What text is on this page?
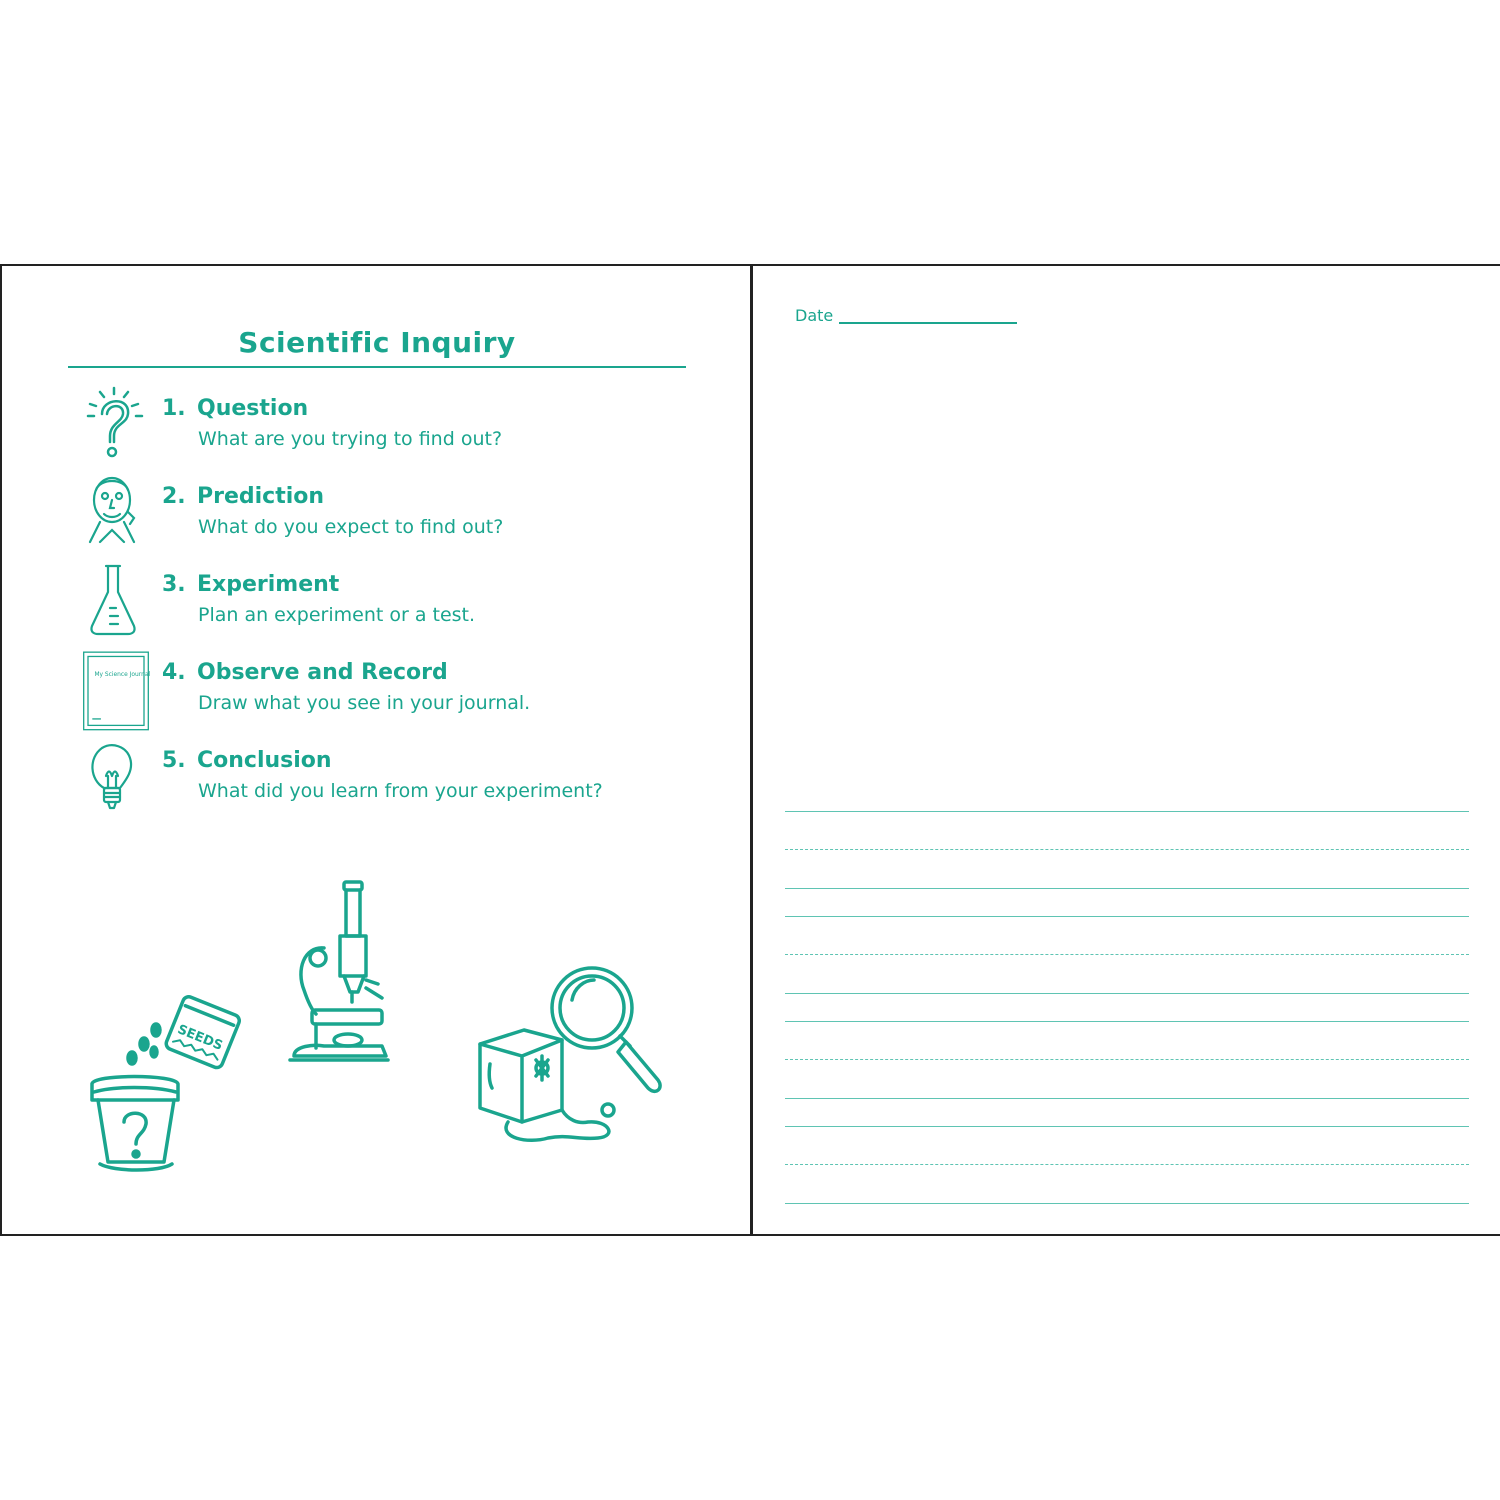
Scientific Inquiry
1. Question
What are you trying to find out?
2. Prediction
What do you expect to find out?
3. Experiment
Plan an experiment or a test.
My Science Journal 4. Observe and Record
Draw what you see in your journal.
5. Conclusion
What did you learn from your experiment?
SEEDS
Date
